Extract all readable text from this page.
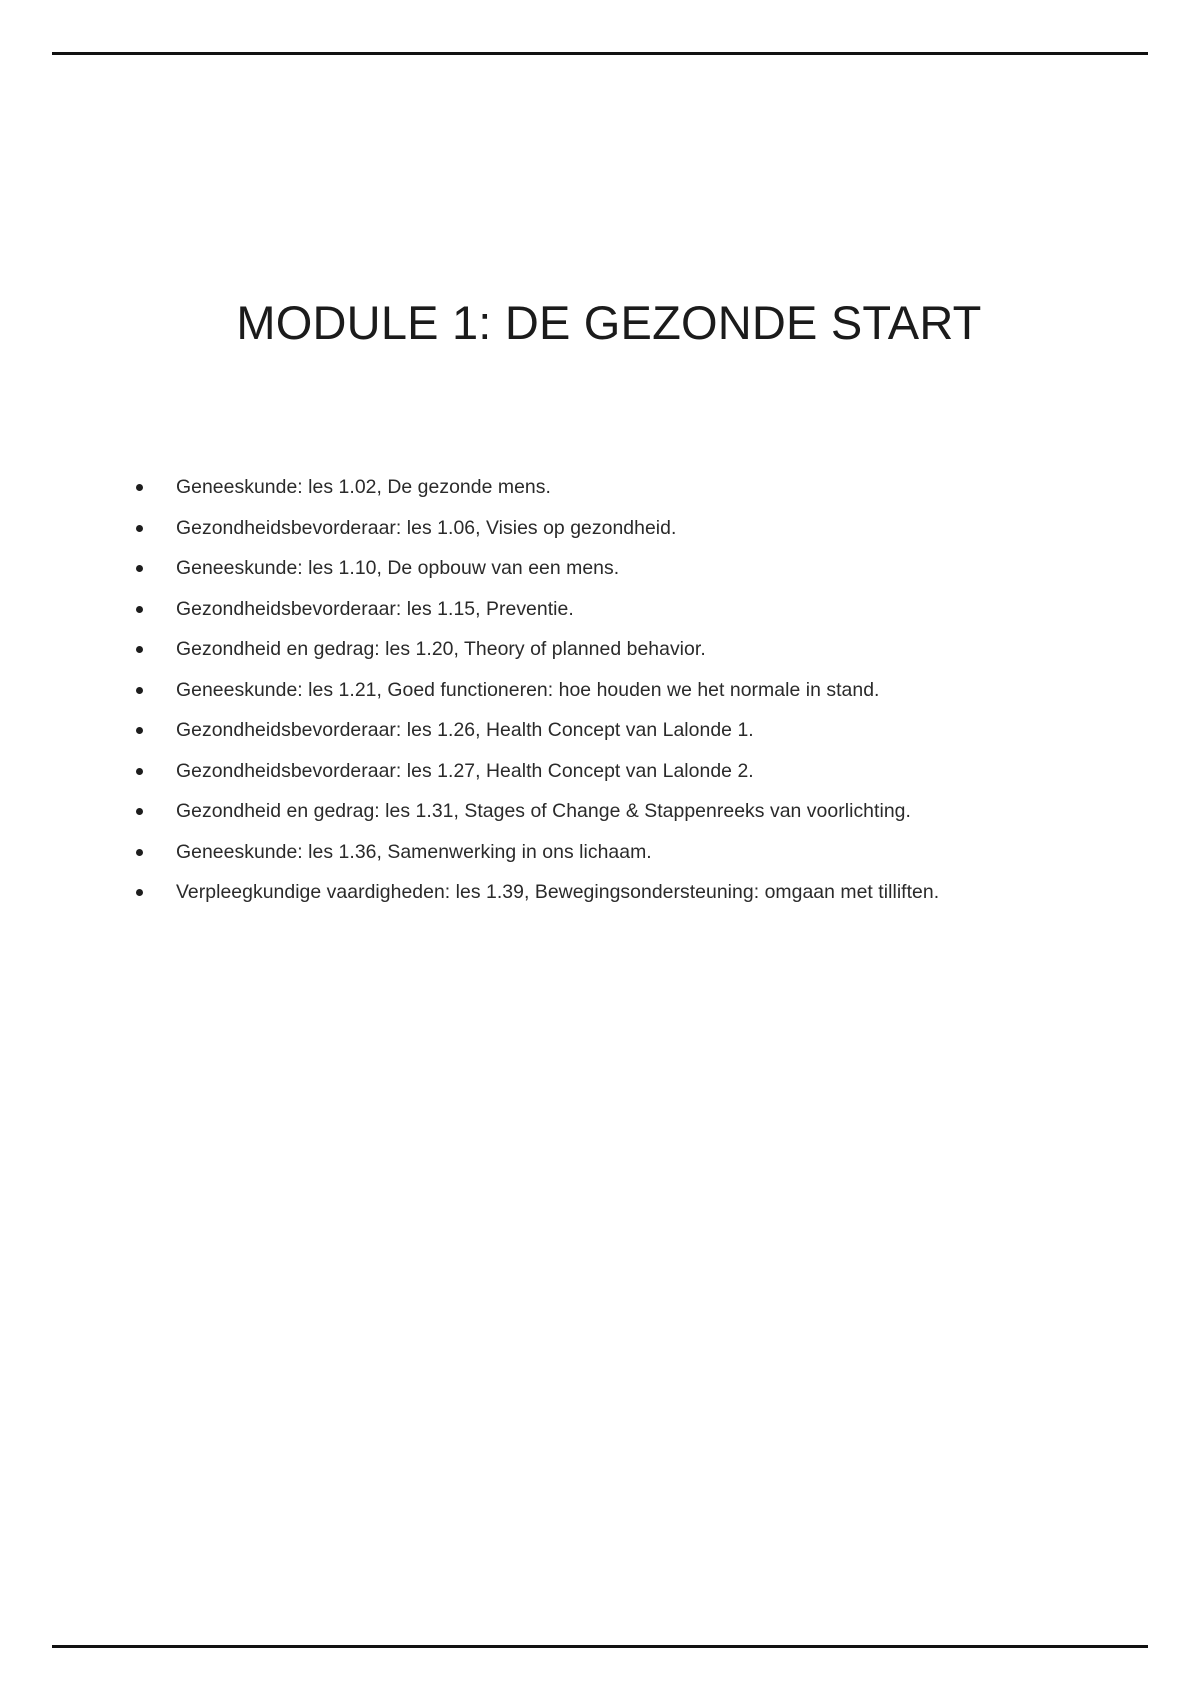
MODULE 1: DE GEZONDE START
Geneeskunde: les 1.02, De gezonde mens.
Gezondheidsbevorderaar: les 1.06, Visies op gezondheid.
Geneeskunde: les 1.10, De opbouw van een mens.
Gezondheidsbevorderaar: les 1.15, Preventie.
Gezondheid en gedrag: les 1.20, Theory of planned behavior.
Geneeskunde: les 1.21, Goed functioneren: hoe houden we het normale in stand.
Gezondheidsbevorderaar: les 1.26, Health Concept van Lalonde 1.
Gezondheidsbevorderaar: les 1.27, Health Concept van Lalonde 2.
Gezondheid en gedrag: les 1.31, Stages of Change & Stappenreeks van voorlichting.
Geneeskunde: les 1.36, Samenwerking in ons lichaam.
Verpleegkundige vaardigheden: les 1.39, Bewegingsondersteuning: omgaan met tilliften.
